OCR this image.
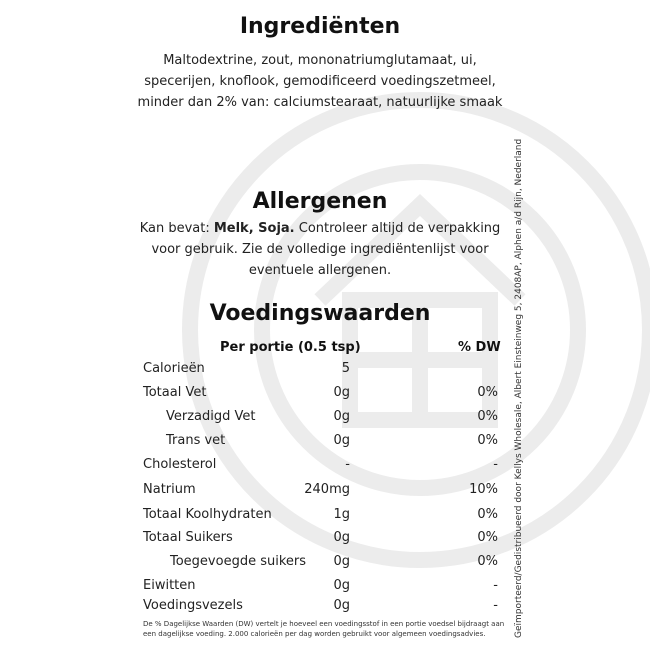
Ingrediënten
Maltodextrine, zout, mononatriumglutamaat, ui,
specerijen, knoflook, gemodificeerd voedingszetmeel,
minder dan 2% van: calciumstearaat, natuurlijke smaak
Allergenen
Kan bevat: Melk, Soja. Controleer altijd de verpakking
voor gebruik. Zie de volledige ingrediëntenlijst voor
eventuele allergenen.
Voedingswaarden
Per portie (0.5 tsp)	% DW
Calorieën	5
Totaal Vet	0g	0%
Verzadigd Vet	0g	0%
Trans vet	0g	0%
Cholesterol	-	-
Natrium	240mg	10%
Totaal Koolhydraten	1g	0%
Totaal Suikers	0g	0%
Toegevoegde suikers	0g	0%
Eiwitten	0g	-
Voedingsvezels	0g	-
De % Dagelijkse Waarden (DW) vertelt je hoeveel een voedingsstof in een portie voedsel bijdraagt aan
een dagelijkse voeding. 2.000 calorieën per dag worden gebruikt voor algemeen voedingsadvies.	Geïmporteerd/Gedistribueerd door Kellys Wholesale, Albert Einsteinweg 5, 2408AP, Alphen a/d Rijn, Nederland
